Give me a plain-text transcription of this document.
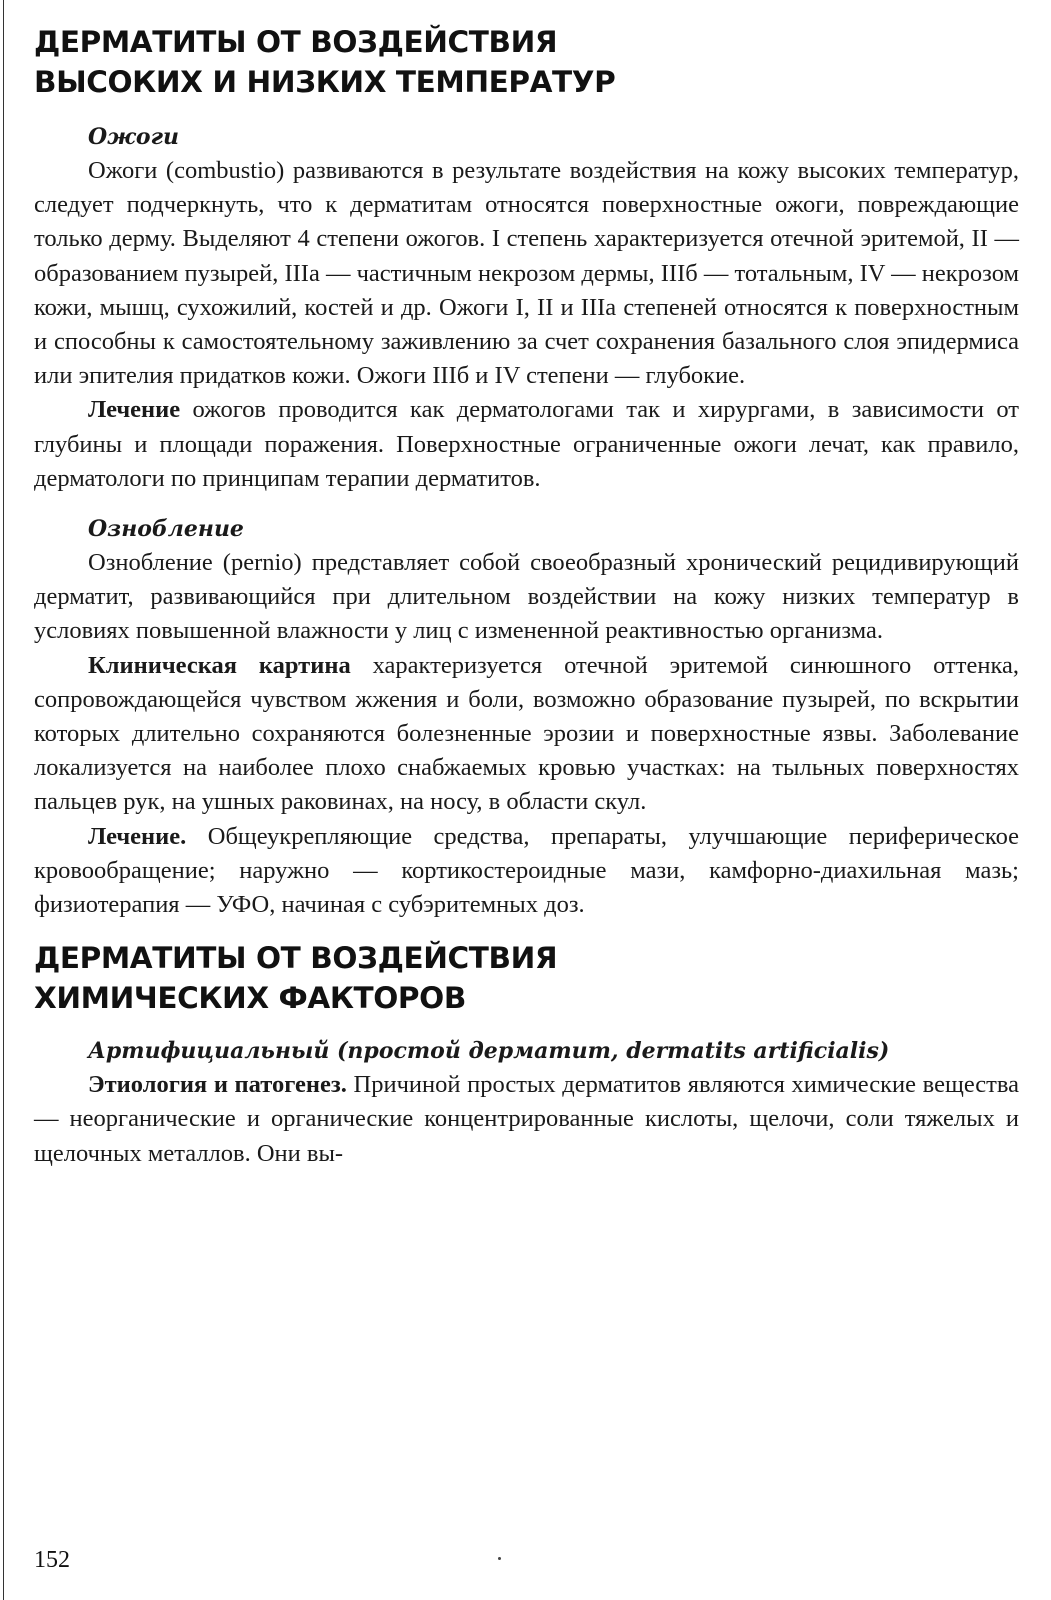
ДЕРМАТИТЫ ОТ ВОЗДЕЙСТВИЯ
ВЫСОКИХ И НИЗКИХ ТЕМПЕРАТУР
Ожоги

Ожоги (combustio) развиваются в результате воздействия на кожу высоких температур, следует подчеркнуть, что к дерматитам относятся поверхностные ожоги, повреждающие только дерму. Выделяют 4 степени ожогов. I степень характеризуется отечной эритемой, II — образованием пузырей, IIIa — частичным некрозом дермы, IIIб — тотальным, IV — некрозом кожи, мышц, сухожилий, костей и др. Ожоги I, II и IIIa степеней относятся к поверхностным и способны к самостоятельному заживлению за счет сохранения базального слоя эпидермиса или эпителия придатков кожи. Ожоги IIIб и IV степени — глубокие.

Лечение ожогов проводится как дерматологами так и хирургами, в зависимости от глубины и площади поражения. Поверхностные ограниченные ожоги лечат, как правило, дерматологи по принципам терапии дерматитов.

Ознобление

Ознобление (pernio) представляет собой своеобразный хронический рецидивирующий дерматит, развивающийся при длительном воздействии на кожу низких температур в условиях повышенной влажности у лиц с измененной реактивностью организма.

Клиническая картина характеризуется отечной эритемой синюшного оттенка, сопровождающейся чувством жжения и боли, возможно образование пузырей, по вскрытии которых длительно сохраняются болезненные эрозии и поверхностные язвы. Заболевание локализуется на наиболее плохо снабжаемых кровью участках: на тыльных поверхностях пальцев рук, на ушных раковинах, на носу, в области скул.

Лечение. Общеукрепляющие средства, препараты, улучшающие периферическое кровообращение; наружно — кортикостероидные мази, камфорно-диахильная мазь; физиотерапия — УФО, начиная с субэритемных доз.

ДЕРМАТИТЫ ОТ ВОЗДЕЙСТВИЯ
ХИМИЧЕСКИХ ФАКТОРОВ
Артифициальный (простой дерматит, dermatits artificialis)

Этиология и патогенез. Причиной простых дерматитов являются химические вещества — неорганические и органические концентрированные кислоты, щелочи, соли тяжелых и щелочных металлов. Они вы-

152
